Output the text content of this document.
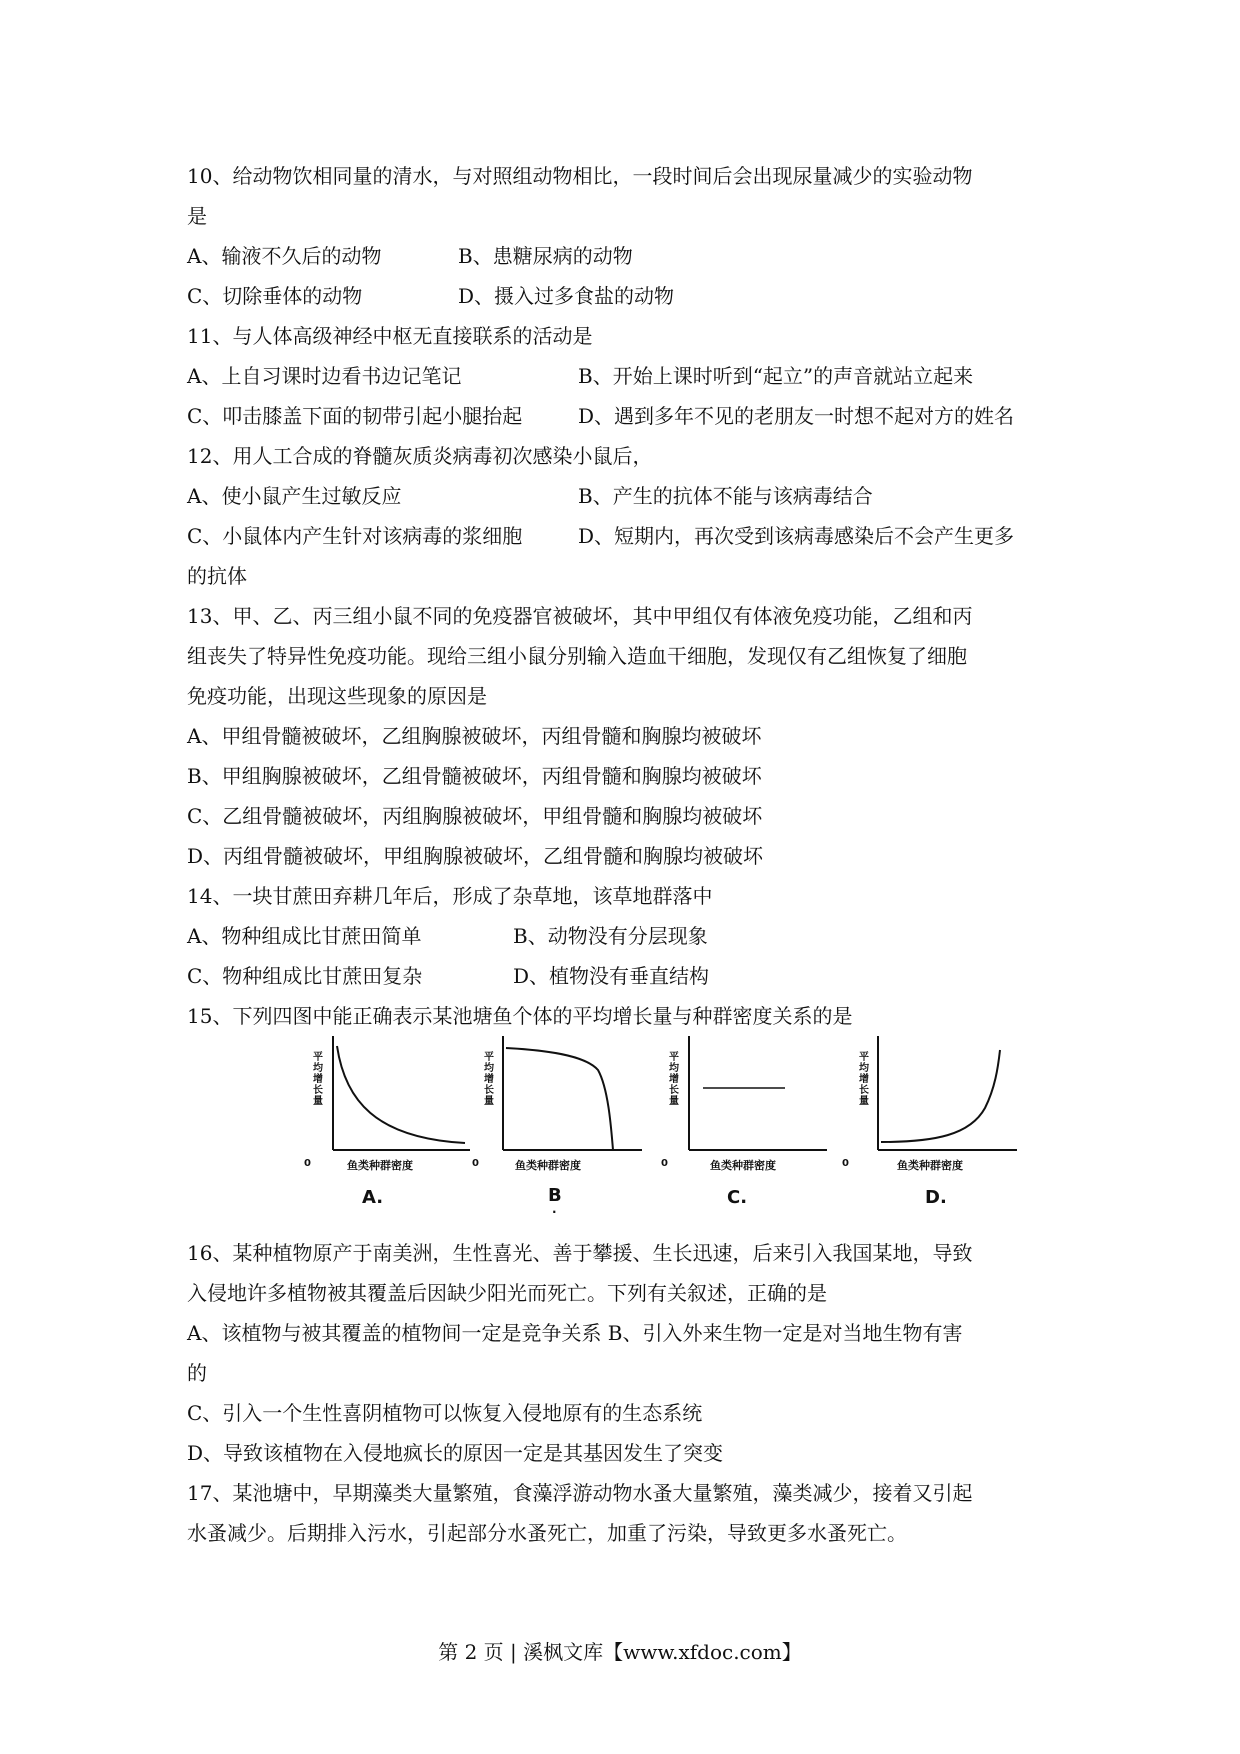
10、给动物饮相同量的清水，与对照组动物相比，一段时间后会出现尿量减少的实验动物
是
A、输液不久后的动物	B、患糖尿病的动物
C、切除垂体的动物	D、摄入过多食盐的动物
11、与人体高级神经中枢无直接联系的活动是
A、上自习课时边看书边记笔记	B、开始上课时听到“起立”的声音就站立起来
C、叩击膝盖下面的韧带引起小腿抬起	D、遇到多年不见的老朋友一时想不起对方的姓名
12、用人工合成的脊髓灰质炎病毒初次感染小鼠后，
A、使小鼠产生过敏反应	B、产生的抗体不能与该病毒结合
C、小鼠体内产生针对该病毒的浆细胞	D、短期内，再次受到该病毒感染后不会产生更多
的抗体
13、甲、乙、丙三组小鼠不同的免疫器官被破坏，其中甲组仅有体液免疫功能，乙组和丙
组丧失了特异性免疫功能。现给三组小鼠分别输入造血干细胞，发现仅有乙组恢复了细胞
免疫功能，出现这些现象的原因是
A、甲组骨髓被破坏，乙组胸腺被破坏，丙组骨髓和胸腺均被破坏
B、甲组胸腺被破坏，乙组骨髓被破坏，丙组骨髓和胸腺均被破坏
C、乙组骨髓被破坏，丙组胸腺被破坏，甲组骨髓和胸腺均被破坏
D、丙组骨髓被破坏，甲组胸腺被破坏，乙组骨髓和胸腺均被破坏
14、一块甘蔗田弃耕几年后，形成了杂草地，该草地群落中
A、物种组成比甘蔗田简单	B、动物没有分层现象
C、物种组成比甘蔗田复杂	D、植物没有垂直结构
15、下列四图中能正确表示某池塘鱼个体的平均增长量与种群密度关系的是
平均增长量
0	鱼类种群密度
A.
平均增长量
0	鱼类种群密度
B
.
平均增长量
0	鱼类种群密度
C.
平均增长量
0	鱼类种群密度
D.
16、某种植物原产于南美洲，生性喜光、善于攀援、生长迅速，后来引入我国某地，导致
入侵地许多植物被其覆盖后因缺少阳光而死亡。下列有关叙述，正确的是
A、该植物与被其覆盖的植物间一定是竞争关系 B、引入外来生物一定是对当地生物有害
的
C、引入一个生性喜阴植物可以恢复入侵地原有的生态系统
D、导致该植物在入侵地疯长的原因一定是其基因发生了突变
17、某池塘中，早期藻类大量繁殖，食藻浮游动物水蚤大量繁殖，藻类减少，接着又引起
水蚤减少。后期排入污水，引起部分水蚤死亡，加重了污染，导致更多水蚤死亡。
第 2 页 | 溪枫文库【www.xfdoc.com】
